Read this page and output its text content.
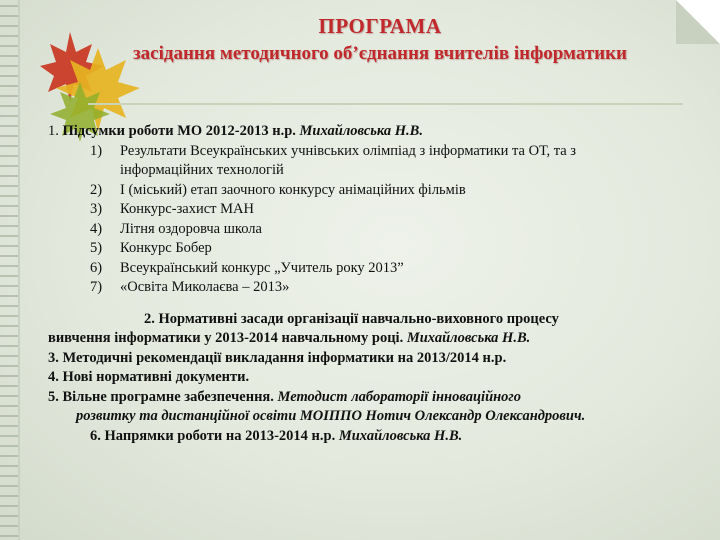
ПРОГРАМА
засідання методичного об’єднання вчителів інформатики

1. Підсумки роботи МО 2012-2013 н.р. Михайловська Н.В.

1) Результати Всеукраїнських учнівських олімпіад з інформатики та ОТ, та з
інформаційних технологій
2) I (міський) етап заочного конкурсу анімаційних фільмів
3) Конкурс-захист МАН
4) Літня оздоровча школа
5) Конкурс Бобер
6) Всеукраїнський конкурс „Учитель року 2013”
7) «Освіта Миколаєва – 2013»

2. Нормативні засади організації навчально-виховного процесу

вивчення інформатики у 2013-2014 навчальному році. Михайловська Н.В.

3. Методичні рекомендації викладання інформатики на 2013/2014 н.р.

4. Нові нормативні документи.

5. Вільне програмне забезпечення. Методист лабораторії інноваційного

розвитку та дистанційної освіти МОІППО Нотич Олександр Олександрович.

6. Напрямки роботи на 2013-2014 н.р. Михайловська Н.В.
